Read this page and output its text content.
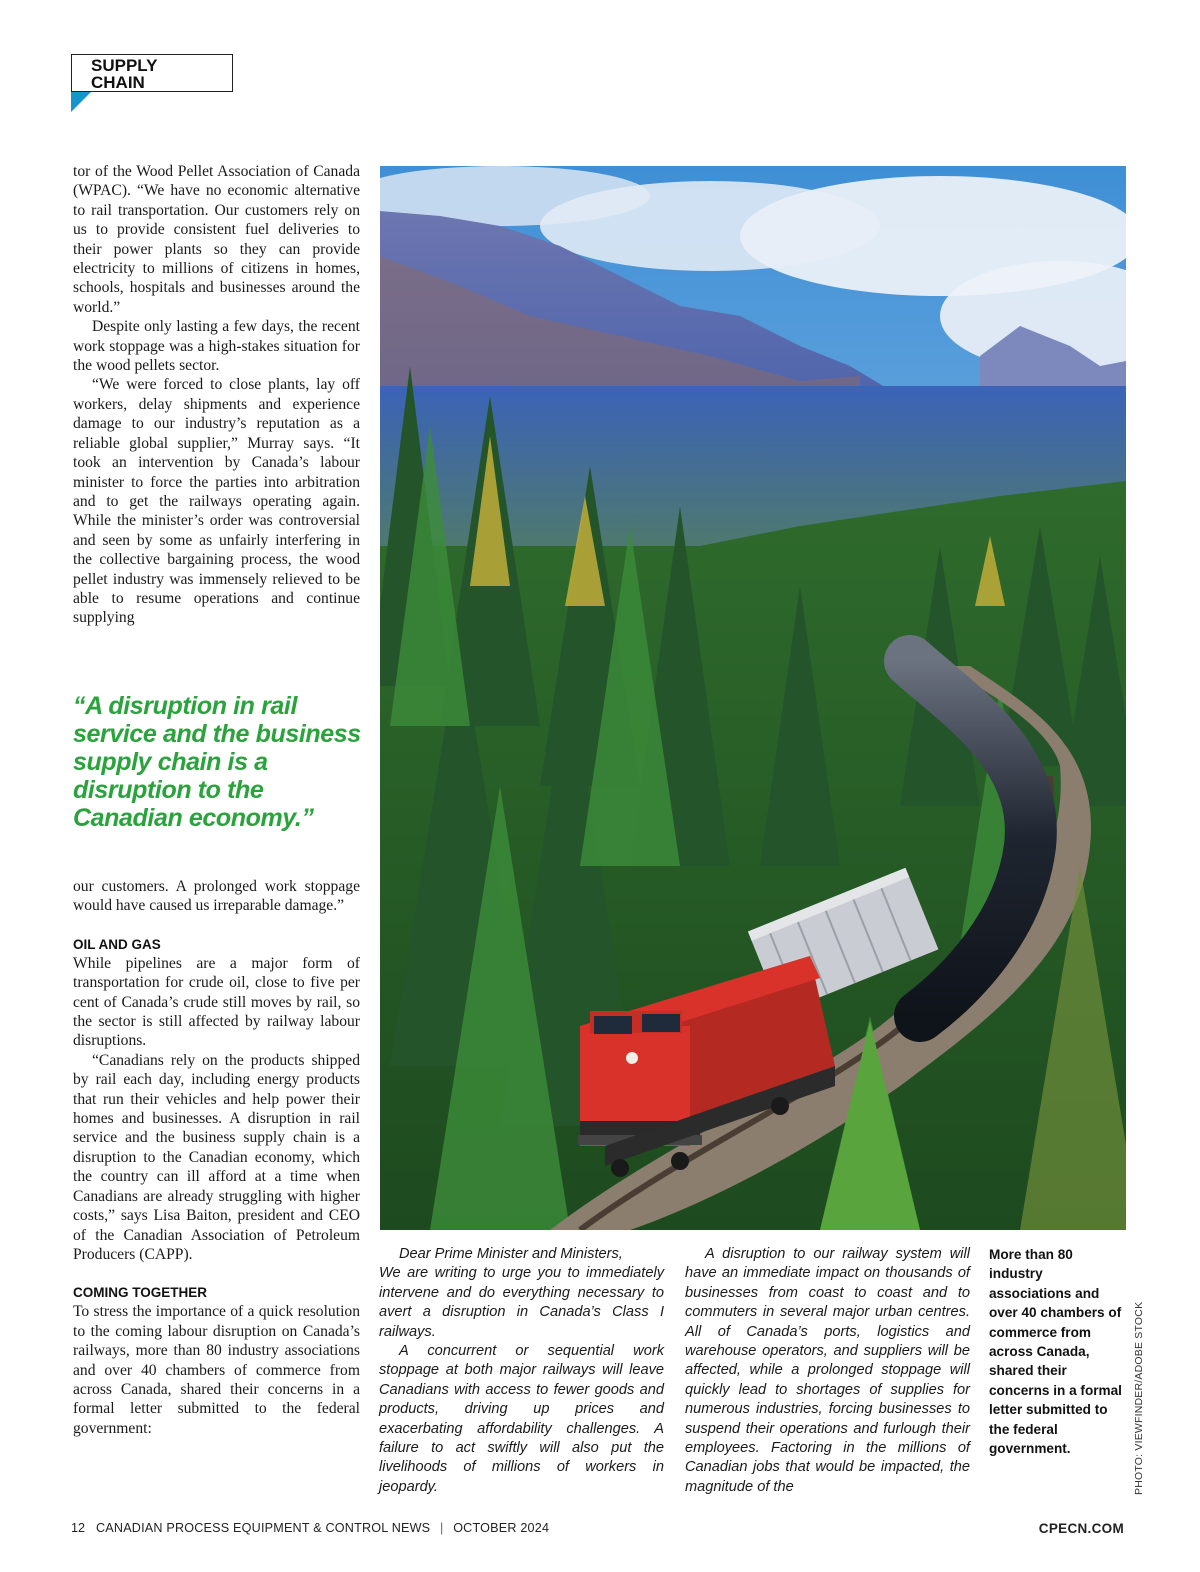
SUPPLY
CHAIN

tor of the Wood Pellet Association of Canada (WPAC). “We have no economic alternative to rail transportation. Our customers rely on us to provide consistent fuel deliveries to their power plants so they can provide electricity to millions of citizens in homes, schools, hospitals and businesses around the world.”

Despite only lasting a few days, the recent work stoppage was a high-stakes situation for the wood pellets sector.

“We were forced to close plants, lay off workers, delay shipments and experience damage to our industry’s reputation as a reliable global supplier,” Murray says. “It took an intervention by Canada’s labour minister to force the parties into arbitration and to get the railways operating again. While the minister’s order was controversial and seen by some as unfairly interfering in the collective bargaining process, the wood pellet industry was immensely relieved to be able to resume operations and continue supplying

“A disruption in rail service and the business supply chain is a disruption to the Canadian economy.”

our customers. A prolonged work stoppage would have caused us irreparable damage.”

OIL AND GAS

While pipelines are a major form of transportation for crude oil, close to five per cent of Canada’s crude still moves by rail, so the sector is still affected by railway labour disruptions.

“Canadians rely on the products shipped by rail each day, including energy products that run their vehicles and help power their homes and businesses. A disruption in rail service and the business supply chain is a disruption to the Canadian economy, which the country can ill afford at a time when Canadians are already struggling with higher costs,” says Lisa Baiton, president and CEO of the Canadian Association of Petroleum Producers (CAPP).

COMING TOGETHER

To stress the importance of a quick resolution to the coming labour disruption on Canada’s railways, more than 80 industry associations and over 40 chambers of commerce from across Canada, shared their concerns in a formal letter submitted to the federal government:

Dear Prime Minister and Ministers,

We are writing to urge you to immediately intervene and do everything necessary to avert a disruption in Canada’s Class I railways.

A concurrent or sequential work stoppage at both major railways will leave Canadians with access to fewer goods and products, driving up prices and exacerbating affordability challenges. A failure to act swiftly will also put the livelihoods of millions of workers in jeopardy.

A disruption to our railway system will have an immediate impact on thousands of businesses from coast to coast and to commuters in several major urban centres. All of Canada’s ports, logistics and warehouse operators, and suppliers will be affected, while a prolonged stoppage will quickly lead to shortages of supplies for numerous industries, forcing businesses to suspend their operations and furlough their employees. Factoring in the millions of Canadian jobs that would be impacted, the magnitude of the

More than 80 industry associations and over 40 chambers of commerce from across Canada, shared their concerns in a formal letter submitted to the federal government.	PHOTO: VIEWFINDER/ADOBE STOCK
12 CANADIAN PROCESS EQUIPMENT & CONTROL NEWS | OCTOBER 2024	CPECN.COM
